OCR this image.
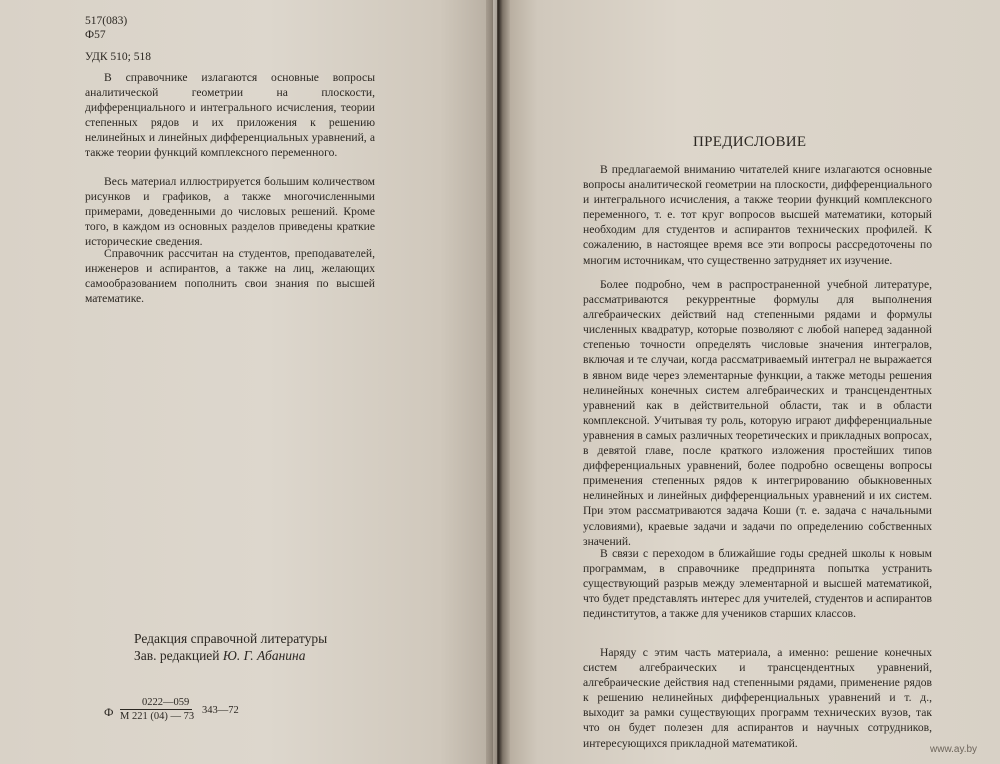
517(083)
Ф57
УДК 510; 518
В справочнике излагаются основные вопросы аналитической геометрии на плоскости, дифференциального и интегрального исчисления, теории степенных рядов и их приложения к решению нелинейных и линейных дифференциальных уравнений, а также теории функций комплексного переменного.
Весь материал иллюстрируется большим количеством рисунков и графиков, а также многочисленными примерами, доведенными до числовых решений. Кроме того, в каждом из основных разделов приведены краткие исторические сведения.
Справочник рассчитан на студентов, преподавателей, инженеров и аспирантов, а также на лиц, желающих самообразованием пополнить свои знания по высшей математике.
Редакция справочной литературы
Зав. редакцией Ю. Г. Абанина
Ф
0222—059
М 221 (04) — 73
343—72
ПРЕДИСЛОВИЕ
В предлагаемой вниманию читателей книге излагаются основные вопросы аналитической геометрии на плоскости, дифференциального и интегрального исчисления, а также теории функций комплексного переменного, т. е. тот круг вопросов высшей математики, который необходим для студентов и аспирантов технических профилей. К сожалению, в настоящее время все эти вопросы рассредоточены по многим источникам, что существенно затрудняет их изучение.
Более подробно, чем в распространенной учебной литературе, рассматриваются рекуррентные формулы для выполнения алгебраических действий над степенными рядами и формулы численных квадратур, которые позволяют с любой наперед заданной степенью точности определять числовые значения интегралов, включая и те случаи, когда рассматриваемый интеграл не выражается в явном виде через элементарные функции, а также методы решения нелинейных конечных систем алгебраических и трансцендентных уравнений как в действительной области, так и в области комплексной. Учитывая ту роль, которую играют дифференциальные уравнения в самых различных теоретических и прикладных вопросах, в девятой главе, после краткого изложения простейших типов дифференциальных уравнений, более подробно освещены вопросы применения степенных рядов к интегрированию обыкновенных нелинейных и линейных дифференциальных уравнений и их систем. При этом рассматриваются задача Коши (т. е. задача с начальными условиями), краевые задачи и задачи по определению собственных значений.
В связи с переходом в ближайшие годы средней школы к новым программам, в справочнике предпринята попытка устранить существующий разрыв между элементарной и высшей математикой, что будет представлять интерес для учителей, студентов и аспирантов пединститутов, а также для учеников старших классов.
Наряду с этим часть материала, а именно: решение конечных систем алгебраических и трансцендентных уравнений, алгебраические действия над степенными рядами, применение рядов к решению нелинейных дифференциальных уравнений и т. д., выходит за рамки существующих программ технических вузов, так что он будет полезен для аспирантов и научных сотрудников, интересующихся прикладной математикой.	www.ay.by
